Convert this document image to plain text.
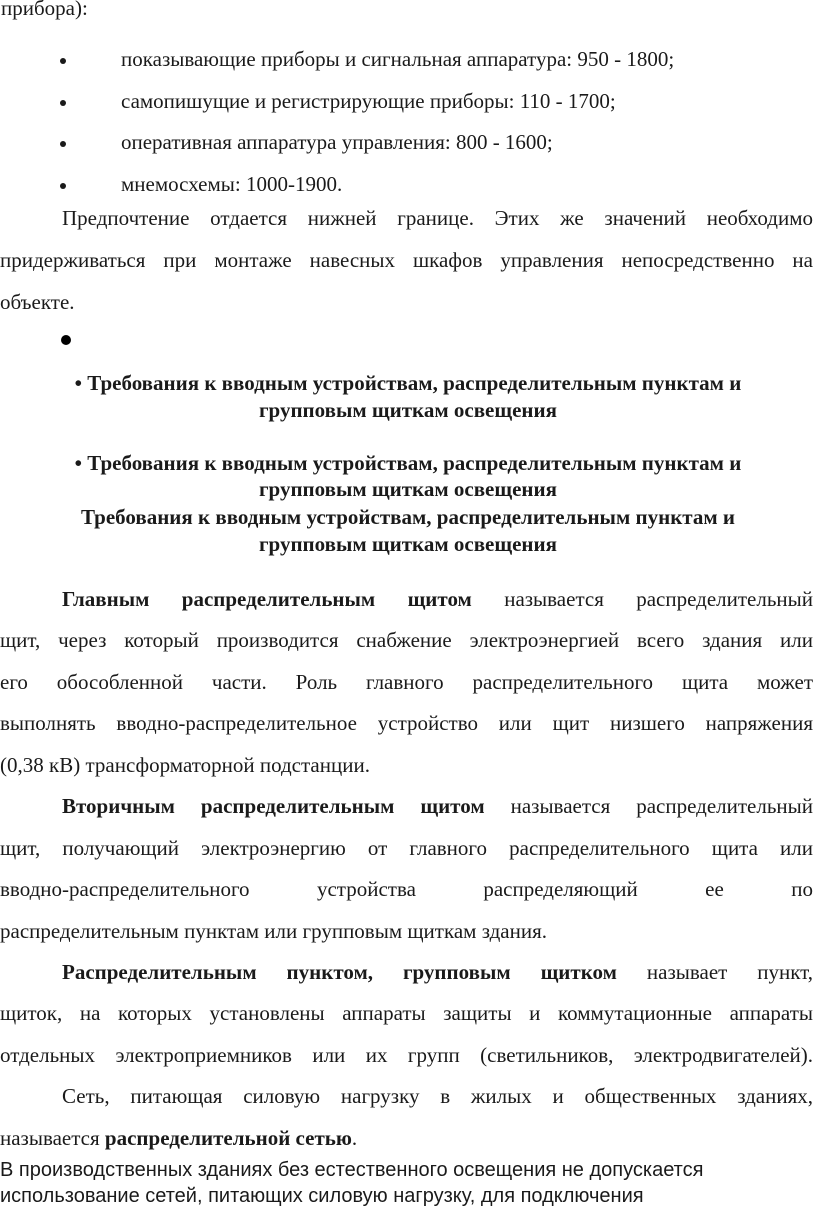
прибора):
показывающие приборы и сигнальная аппаратура: 950 - 1800;
самопишущие и регистрирующие приборы: 110 - 1700;
оперативная аппаратура управления: 800 - 1600;
мнемосхемы: 1000-1900.
Предпочтение отдается нижней границе. Этих же значений необходимо
придерживаться при монтаже навесных шкафов управления непосредственно на
объекте.
• Требования к вводным устройствам, распределительным пунктам и
групповым щиткам освещения
• Требования к вводным устройствам, распределительным пунктам и
групповым щиткам освещения
Требования к вводным устройствам, распределительным пунктам и
групповым щиткам освещения
Главным распределительным щитом называется распределительный
щит, через который производится снабжение электроэнергией всего здания или
его обособленной части. Роль главного распределительного щита может
выполнять вводно-распределительное устройство или щит низшего напряжения
(0,38 кВ) трансформаторной подстанции.
Вторичным распределительным щитом называется распределительный
щит, получающий электроэнергию от главного распределительного щита или
вводно-распределительного устройства распределяющий ее по
распределительным пунктам или групповым щиткам здания.
Распределительным пунктом, групповым щитком называет пункт,
щиток, на которых установлены аппараты защиты и коммутационные аппараты
отдельных электроприемников или их групп (светильников, электродвигателей).
Сеть, питающая силовую нагрузку в жилых и общественных зданиях,
называется распределительной сетью.
В производственных зданиях без естественного освещения не допускается
использование сетей, питающих силовую нагрузку, для подключения
